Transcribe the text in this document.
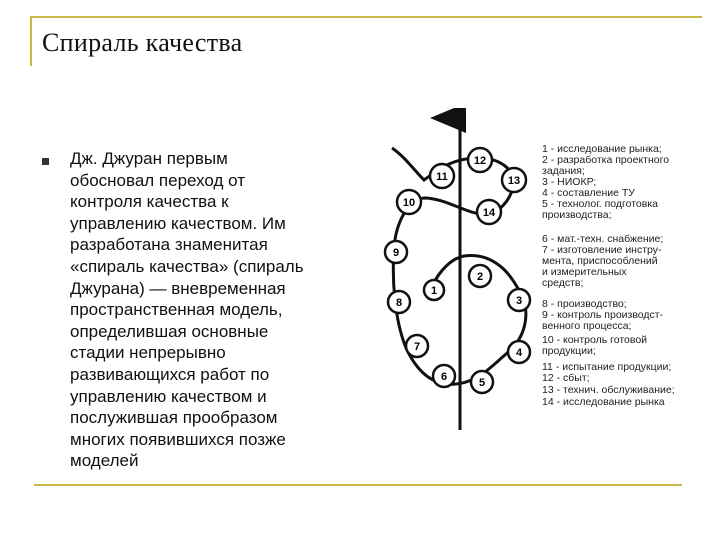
Спираль качества
Дж. Джуран первым
обосновал переход от
контроля качества к
управлению качеством. Им
разработана знаменитая
«спираль качества» (спираль
Джурана) — вневременная
пространственная модель,
определившая основные
стадии непрерывно
развивающихся работ по
управлению качеством и
послужившая прообразом
многих появившихся позже
моделей
1
2
3
4
5
6
7
8
9
10
11
12
13
14
1 - исследование рынка;
2 - разработка проектного
задания;
3 - НИОКР;
4 - составление ТУ
5 - технолог. подготовка
производства;
6 - мат.-техн. снабжение;
7 - изготовление инстру-
мента, приспособлений
и измерительных
средств;
8 - производство;
9 - контроль производст-
венного процесса;
10 - контроль готовой
продукции;
11 - испытание продукции;
12 - сбыт;
13 - технич. обслуживание;
14 - исследование рынка
